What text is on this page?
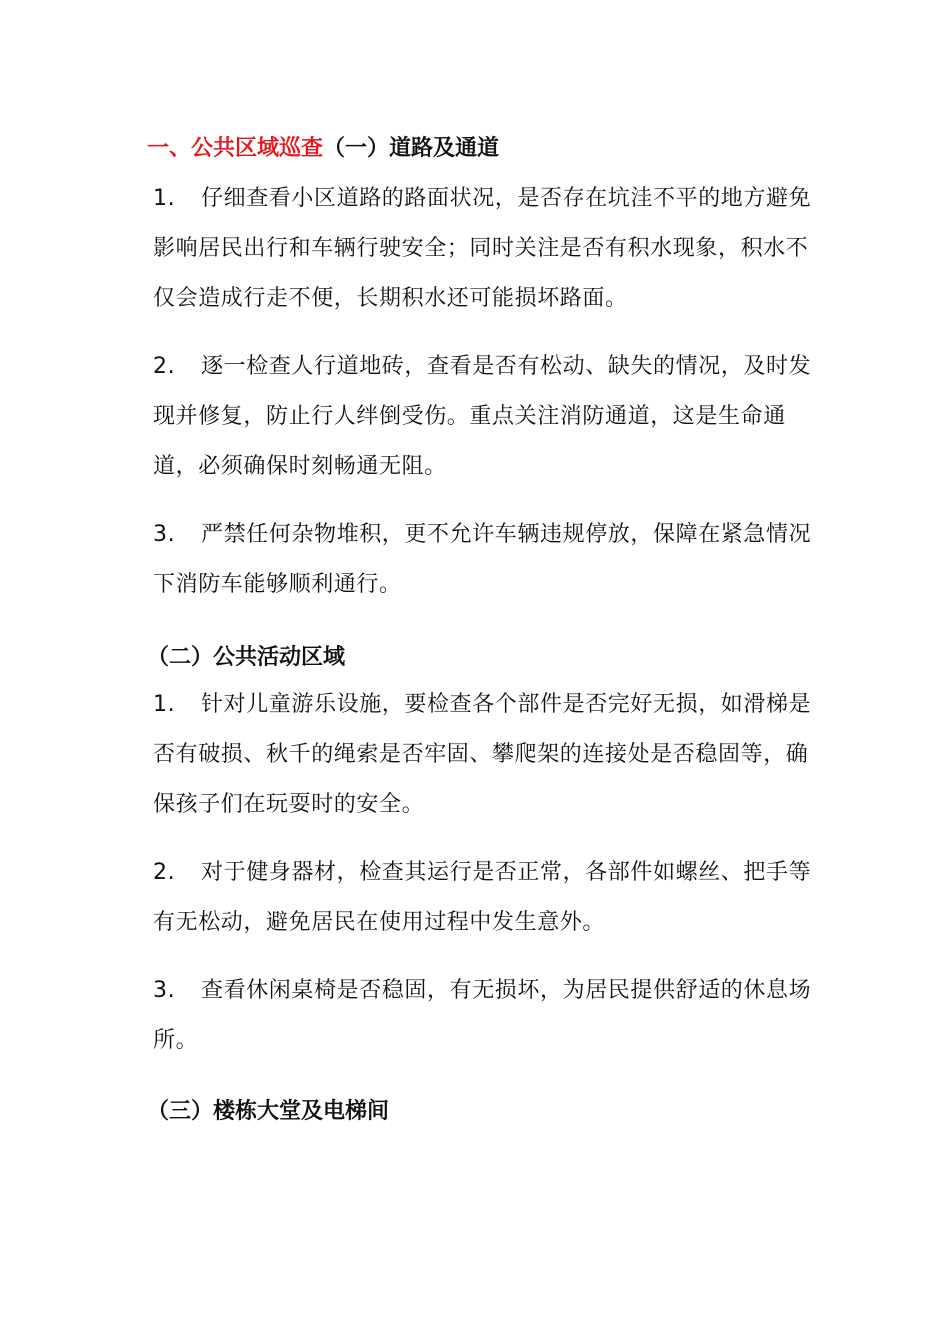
一、公共区域巡查（一）道路及通道
1. 仔细查看小区道路的路面状况，是否存在坑洼不平的地方避免影响居民出行和车辆行驶安全；同时关注是否有积水现象，积水不仅会造成行走不便，长期积水还可能损坏路面。
2. 逐一检查人行道地砖，查看是否有松动、缺失的情况，及时发现并修复，防止行人绊倒受伤。重点关注消防通道，这是生命通道，必须确保时刻畅通无阻。
3. 严禁任何杂物堆积，更不允许车辆违规停放，保障在紧急情况下消防车能够顺利通行。
（二）公共活动区域
1. 针对儿童游乐设施，要检查各个部件是否完好无损，如滑梯是否有破损、秋千的绳索是否牢固、攀爬架的连接处是否稳固等，确保孩子们在玩耍时的安全。
2. 对于健身器材，检查其运行是否正常，各部件如螺丝、把手等有无松动，避免居民在使用过程中发生意外。
3. 查看休闲桌椅是否稳固，有无损坏，为居民提供舒适的休息场所。
（三）楼栋大堂及电梯间
